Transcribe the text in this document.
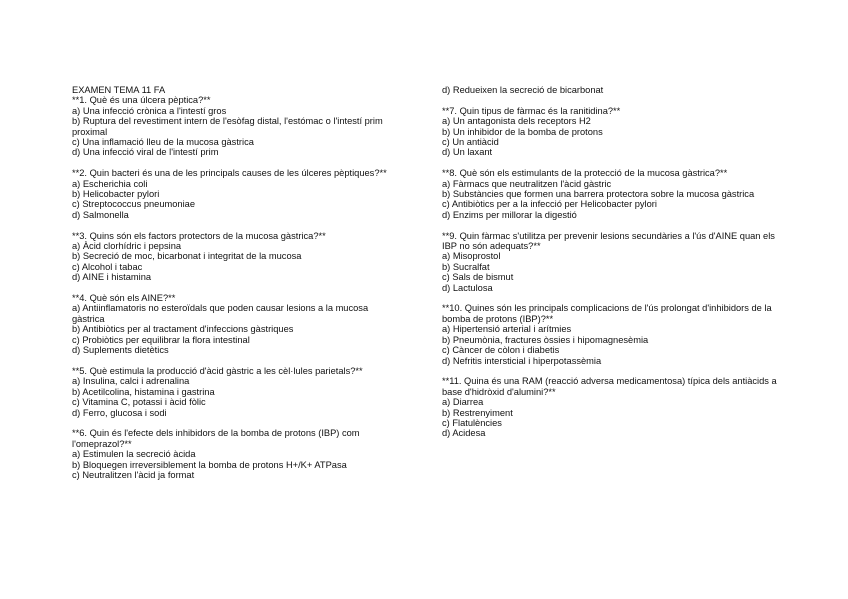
EXAMEN TEMA 11 FA

**1. Què és una úlcera pèptica?**

a) Una infecció crònica a l'intestí gros

b) Ruptura del revestiment intern de l'esòfag distal, l'estómac o l'intestí prim proximal

c) Una inflamació lleu de la mucosa gàstrica

d) Una infecció viral de l'intestí prim

**2. Quin bacteri és una de les principals causes de les úlceres pèptiques?**

a) Escherichia coli

b) Helicobacter pylori

c) Streptococcus pneumoniae

d) Salmonella

**3. Quins són els factors protectors de la mucosa gàstrica?**

a) Àcid clorhídric i pepsina

b) Secreció de moc, bicarbonat i integritat de la mucosa

c) Alcohol i tabac

d) AINE i histamina

**4. Què són els AINE?**

a) Antiinflamatoris no esteroïdals que poden causar lesions a la mucosa gàstrica

b) Antibiòtics per al tractament d'infeccions gàstriques

c) Probiòtics per equilibrar la flora intestinal

d) Suplements dietètics

**5. Què estimula la producció d'àcid gàstric a les cèl·lules parietals?**

a) Insulina, calci i adrenalina

b) Acetilcolina, histamina i gastrina

c) Vitamina C, potassi i àcid fòlic

d) Ferro, glucosa i sodi

**6. Quin és l'efecte dels inhibidors de la bomba de protons (IBP) com l'omeprazol?**

a) Estimulen la secreció àcida

b) Bloquegen irreversiblement la bomba de protons H+/K+ ATPasa

c) Neutralitzen l'àcid ja format

d) Redueixen la secreció de bicarbonat

**7. Quin tipus de fàrmac és la ranitidina?**

a) Un antagonista dels receptors H2

b) Un inhibidor de la bomba de protons

c) Un antiàcid

d) Un laxant

**8. Què són els estimulants de la protecció de la mucosa gàstrica?**

a) Fàrmacs que neutralitzen l'àcid gàstric

b) Substàncies que formen una barrera protectora sobre la mucosa gàstrica

c) Antibiòtics per a la infecció per Helicobacter pylori

d) Enzims per millorar la digestió

**9. Quin fàrmac s'utilitza per prevenir lesions secundàries a l'ús d'AINE quan els IBP no són adequats?**

a) Misoprostol

b) Sucralfat

c) Sals de bismut

d) Lactulosa

**10. Quines són les principals complicacions de l'ús prolongat d'inhibidors de la bomba de protons (IBP)?**

a) Hipertensió arterial i arítmies

b) Pneumònia, fractures òssies i hipomagnesèmia

c) Càncer de còlon i diabetis

d) Nefritis intersticial i hiperpotassèmia

**11. Quina és una RAM (reacció adversa medicamentosa) típica dels antiàcids a base d'hidròxid d'alumini?**

a) Diarrea

b) Restrenyiment

c) Flatulències

d) Acidesa
